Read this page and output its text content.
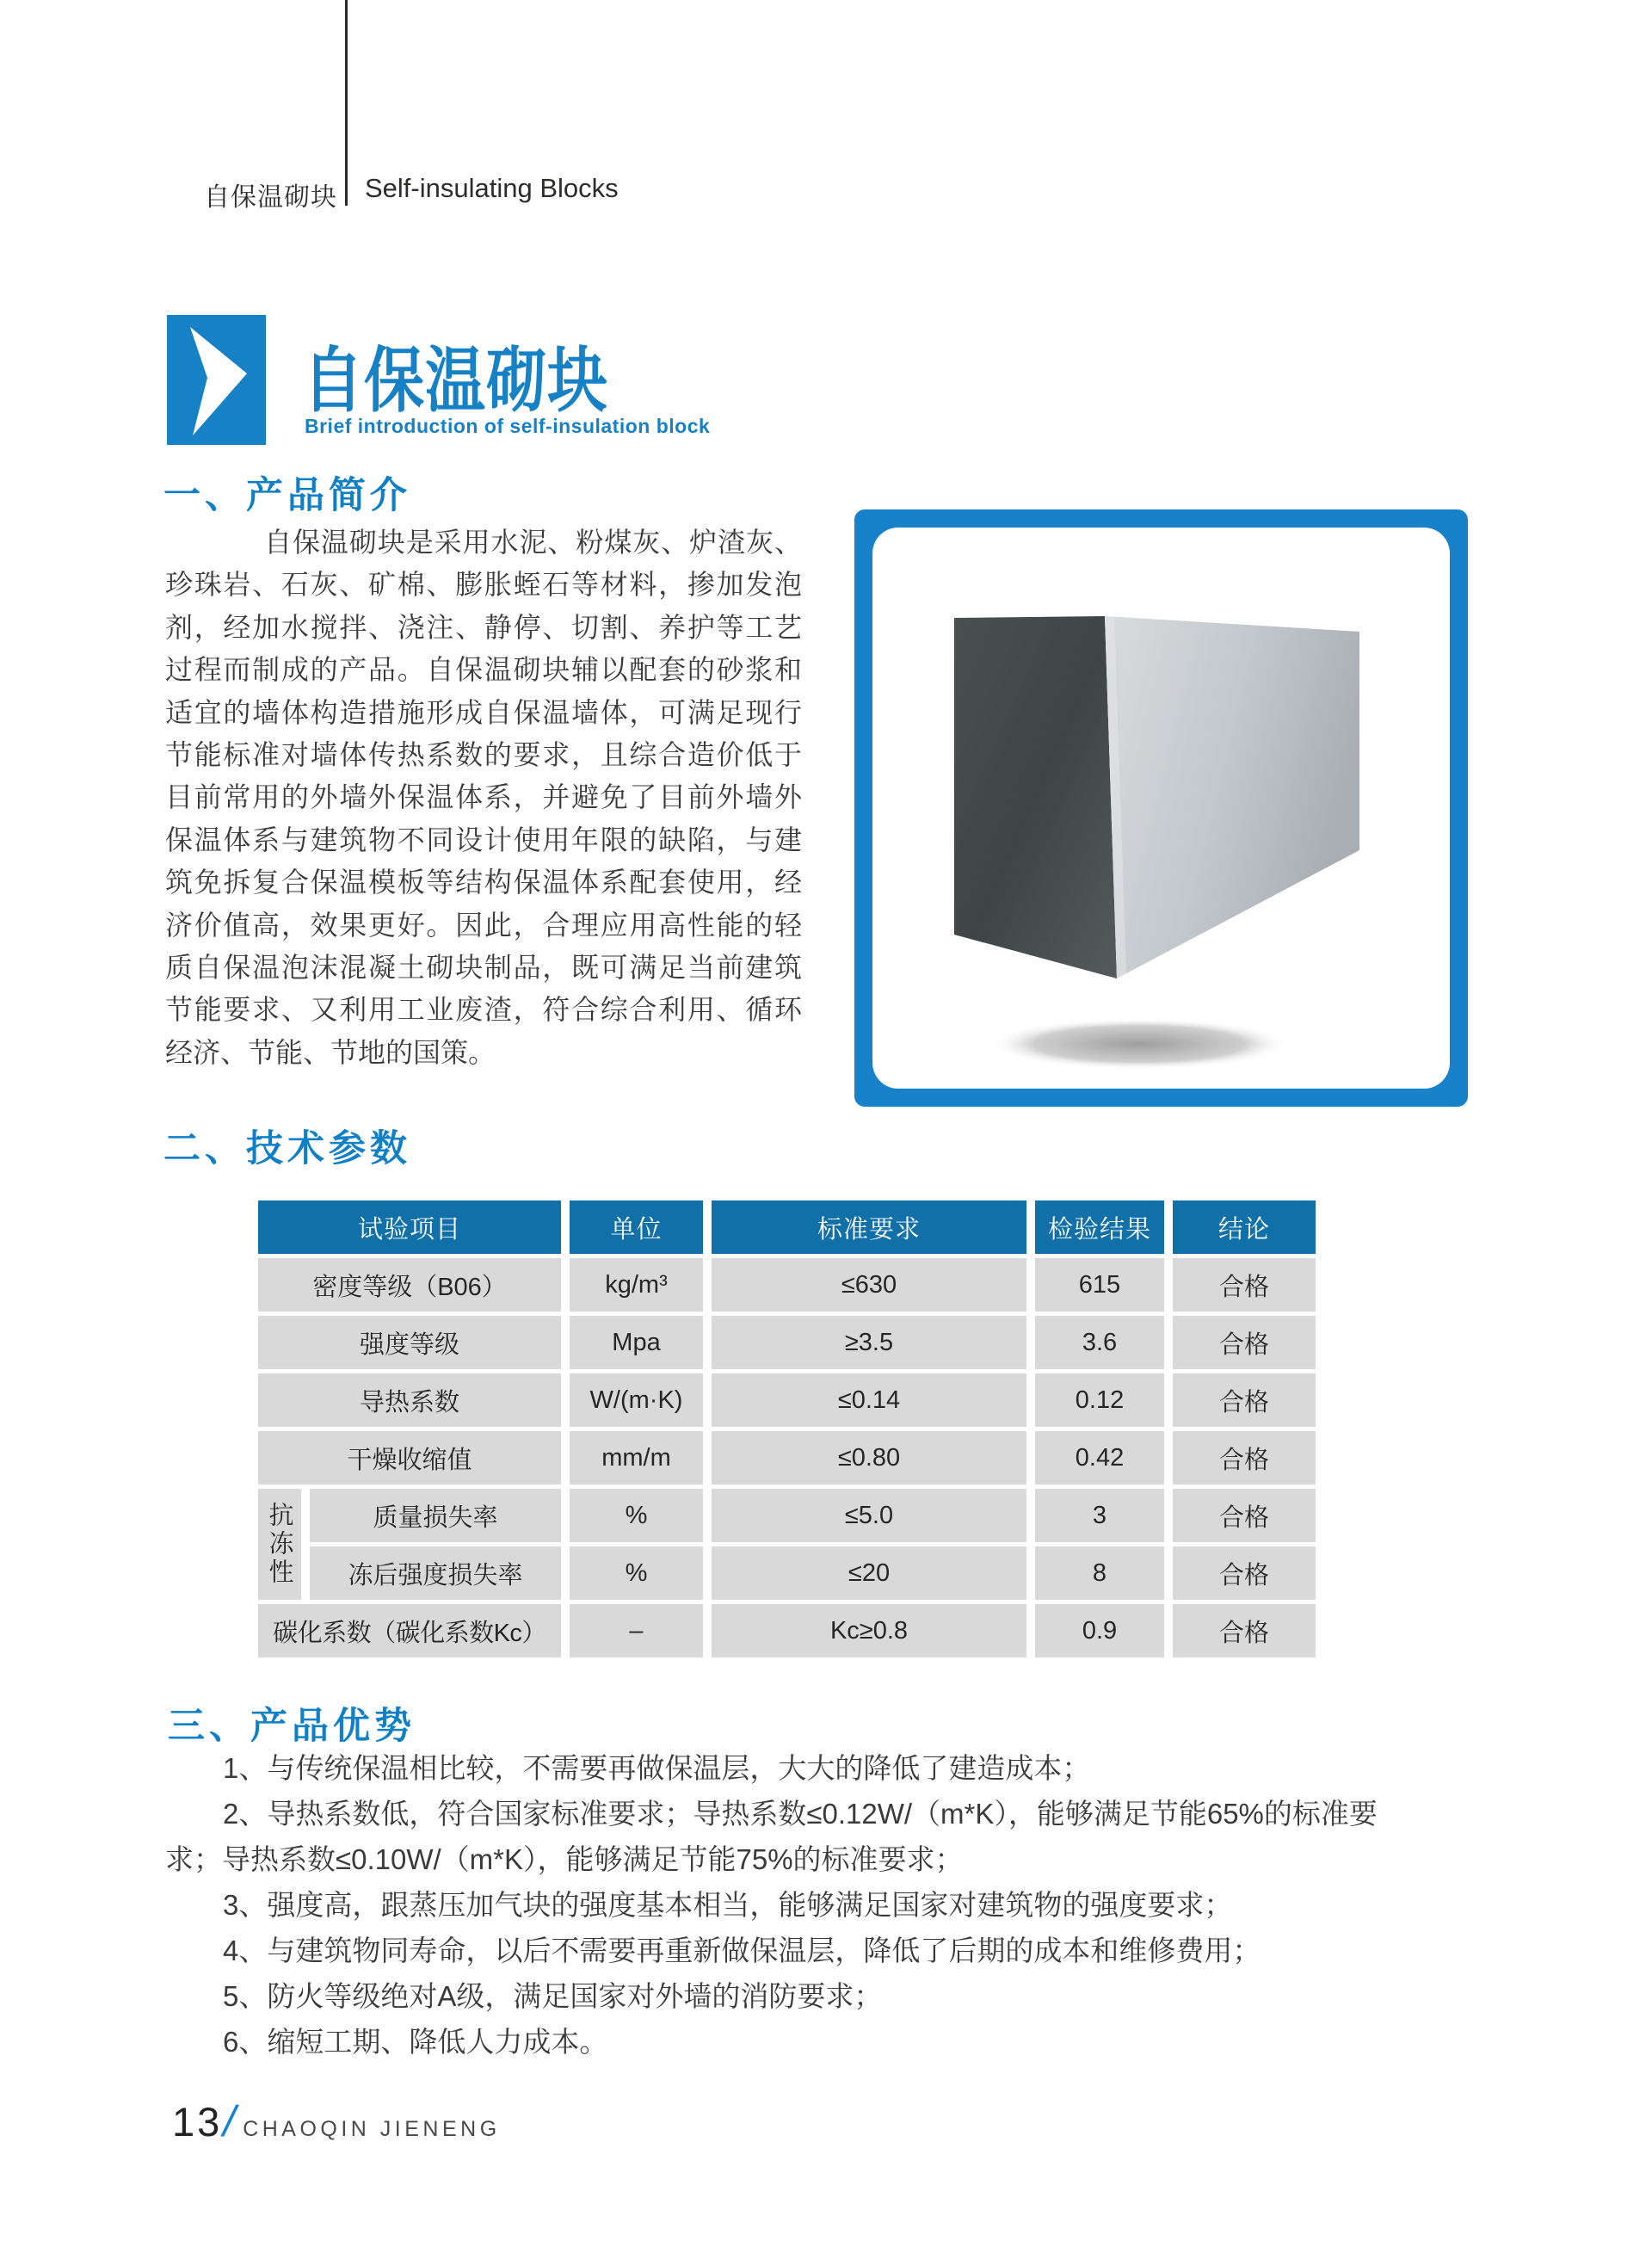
自保温砌块 Self-insulating Blocks
自保温砌块
Brief introduction of self-insulation block
一、产品简介
自保温砌块是采用水泥、粉煤灰、炉渣灰、
珍珠岩、石灰、矿棉、膨胀蛭石等材料，掺加发泡
剂，经加水搅拌、浇注、静停、切割、养护等工艺
过程而制成的产品。自保温砌块辅以配套的砂浆和
适宜的墙体构造措施形成自保温墙体，可满足现行
节能标准对墙体传热系数的要求，且综合造价低于
目前常用的外墙外保温体系，并避免了目前外墙外
保温体系与建筑物不同设计使用年限的缺陷，与建
筑免拆复合保温模板等结构保温体系配套使用，经
济价值高，效果更好。因此，合理应用高性能的轻
质自保温泡沫混凝土砌块制品，既可满足当前建筑
节能要求、又利用工业废渣，符合综合利用、循环
经济、节能、节地的国策。
二、技术参数
试验项目	单位	标准要求	检验结果	结论
密度等级（B06）	kg/m³	≤630	615	合格
强度等级	Mpa	≥3.5	3.6	合格
导热系数	W/(m·K)	≤0.14	0.12	合格
干燥收缩值	mm/m	≤0.80	0.42	合格
抗冻性	质量损失率	%	≤5.0	3	合格
冻后强度损失率	%	≤20	8	合格
碳化系数（碳化系数Kc）	–	Kc≥0.8	0.9	合格
三、产品优势
1、与传统保温相比较，不需要再做保温层，大大的降低了建造成本；
2、导热系数低，符合国家标准要求；导热系数≤0.12W/（m*K），能够满足节能65%的标准要求；导热系数≤0.10W/（m*K），能够满足节能75%的标准要求；
3、强度高，跟蒸压加气块的强度基本相当，能够满足国家对建筑物的强度要求；
4、与建筑物同寿命，以后不需要再重新做保温层，降低了后期的成本和维修费用；
5、防火等级绝对A级，满足国家对外墙的消防要求；
6、缩短工期、降低人力成本。
13
/ CHAOQIN JIENENG
